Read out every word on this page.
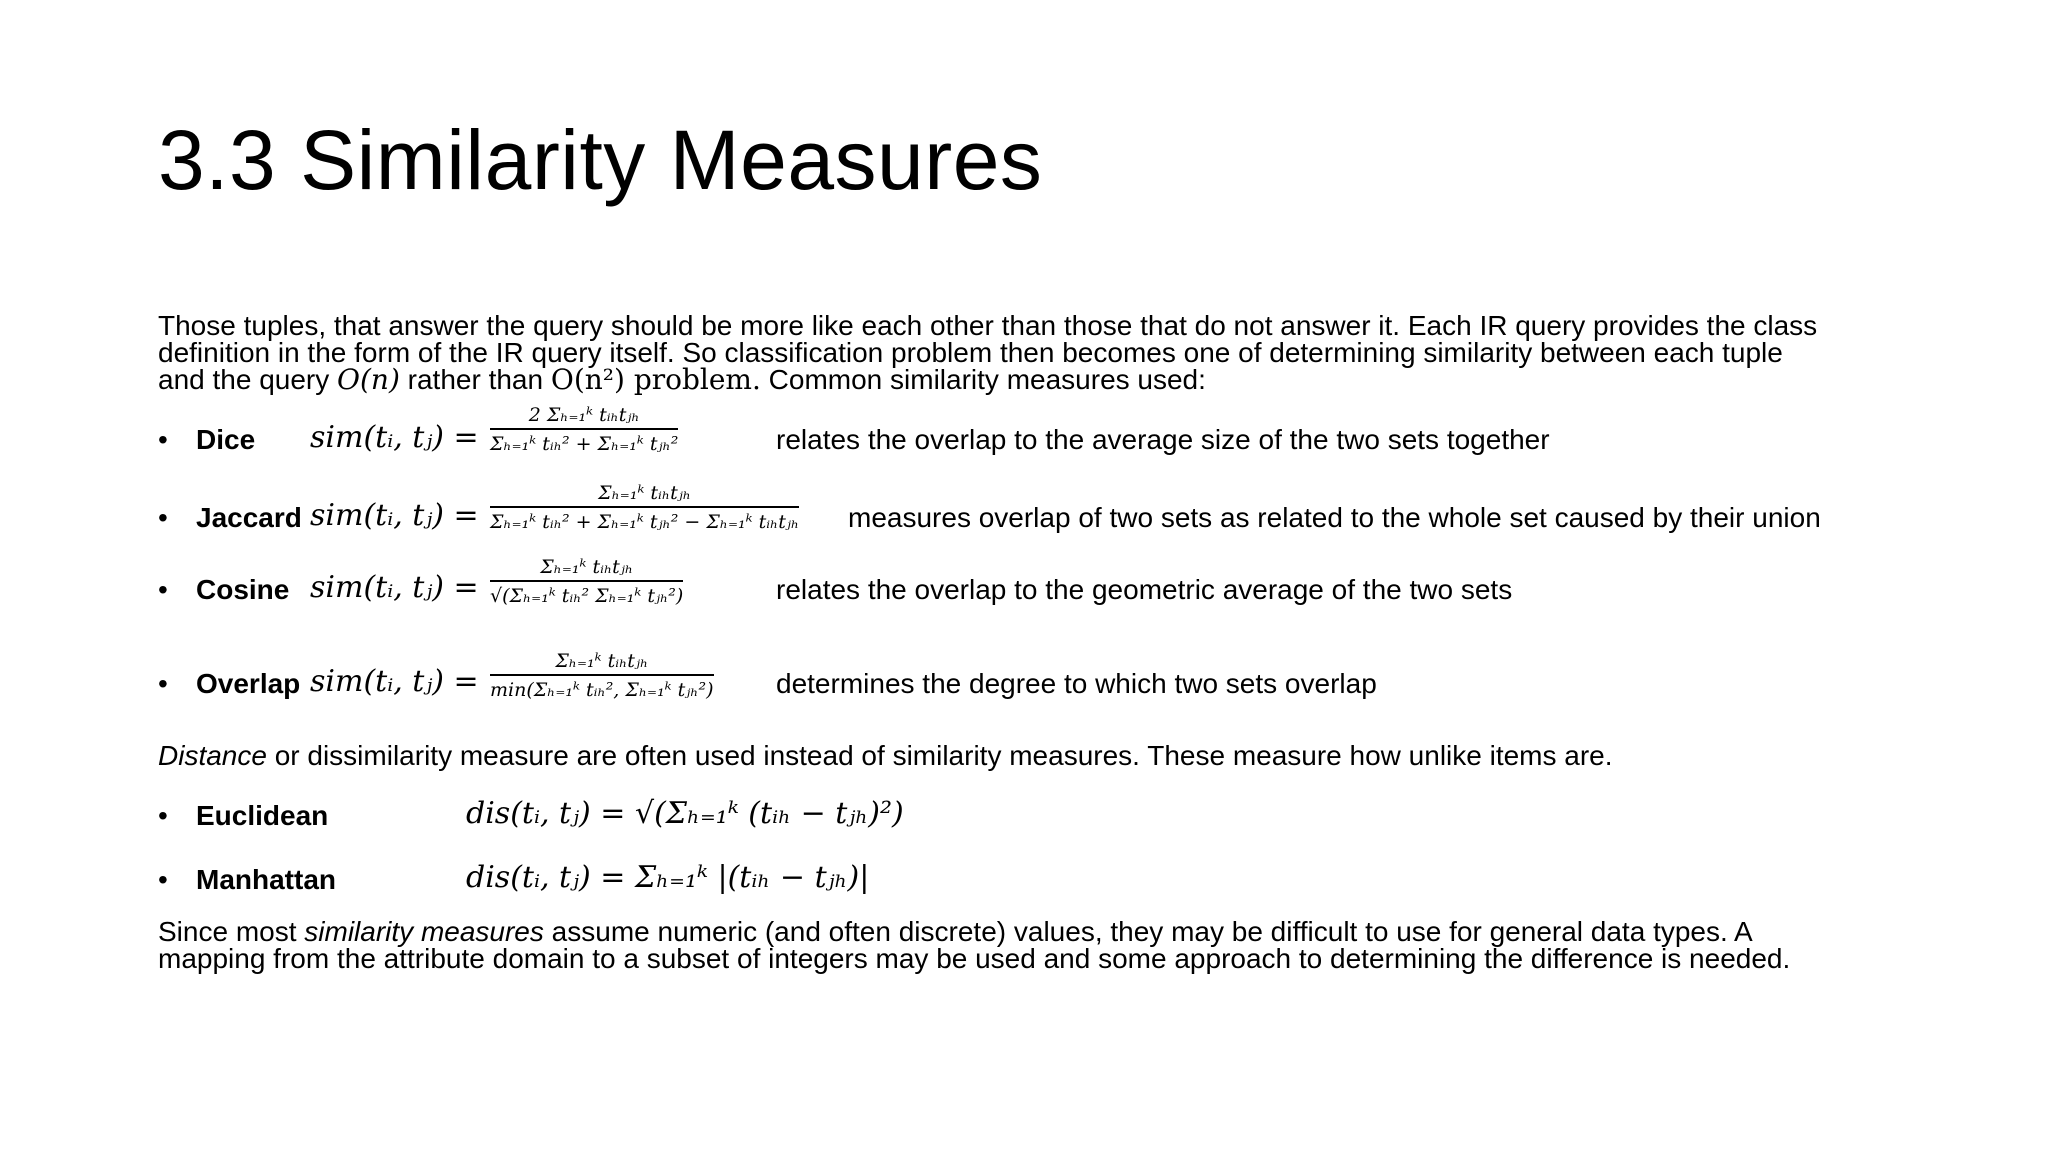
3.3 Similarity Measures
Those tuples, that answer the query should be more like each other than those that do not answer it. Each IR query provides the class
definition in the form of the IR query itself. So classification problem then becomes one of determining similarity between each tuple
and the query O(n) rather than O(n²) problem. Common similarity measures used:
• Dice sim(tᵢ, tⱼ) =
2 Σₕ₌₁ᵏ tᵢₕtⱼₕ
Σₕ₌₁ᵏ tᵢₕ² + Σₕ₌₁ᵏ tⱼₕ²	relates the overlap to the average size of the two sets together
• Jaccard sim(tᵢ, tⱼ) =
Σₕ₌₁ᵏ tᵢₕtⱼₕ
Σₕ₌₁ᵏ tᵢₕ² + Σₕ₌₁ᵏ tⱼₕ² − Σₕ₌₁ᵏ tᵢₕtⱼₕ measures overlap of two sets as related to the whole set caused by their union
• Cosine sim(tᵢ, tⱼ) =
Σₕ₌₁ᵏ tᵢₕtⱼₕ
√(Σₕ₌₁ᵏ tᵢₕ² Σₕ₌₁ᵏ tⱼₕ²)	relates the overlap to the geometric average of the two sets
• Overlap sim(tᵢ, tⱼ) =
Σₕ₌₁ᵏ tᵢₕtⱼₕ
min(Σₕ₌₁ᵏ tᵢₕ², Σₕ₌₁ᵏ tⱼₕ²) determines the degree to which two sets overlap
Distance or dissimilarity measure are often used instead of similarity measures. These measure how unlike items are.
• Euclidean	dis(tᵢ, tⱼ) = √(Σₕ₌₁ᵏ (tᵢₕ − tⱼₕ)²)
• Manhattan	dis(tᵢ, tⱼ) = Σₕ₌₁ᵏ |(tᵢₕ − tⱼₕ)|
Since most similarity measures assume numeric (and often discrete) values, they may be difficult to use for general data types. A
mapping from the attribute domain to a subset of integers may be used and some approach to determining the difference is needed.
